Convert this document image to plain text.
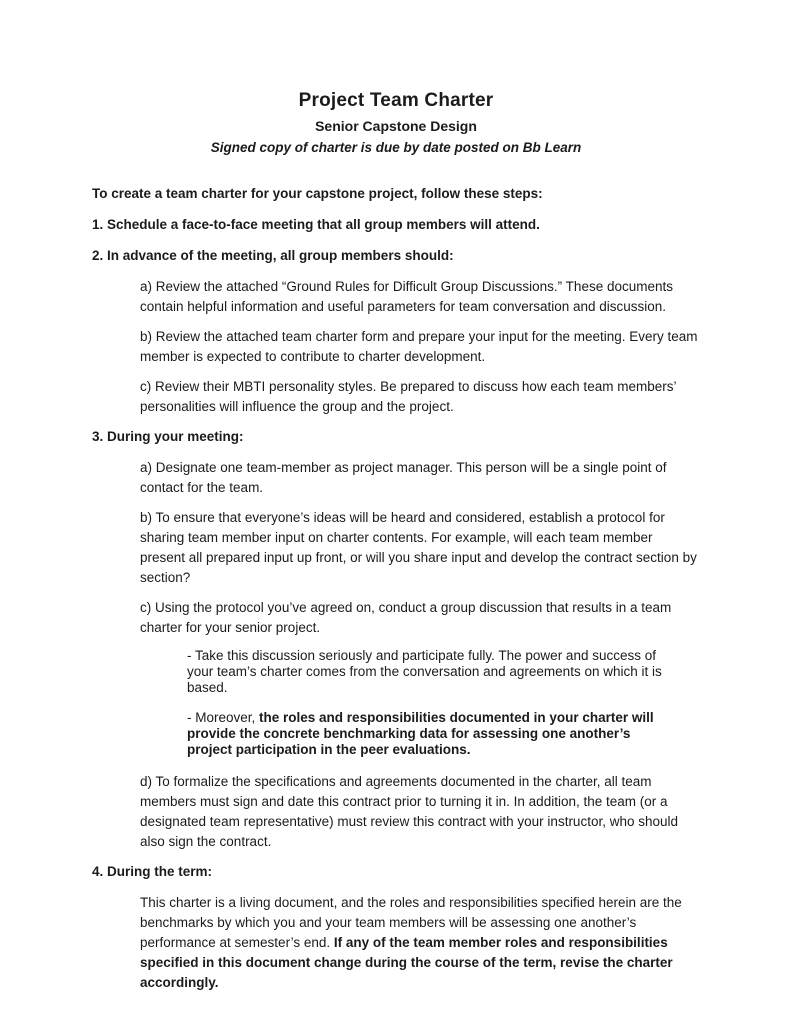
Project Team Charter
Senior Capstone Design

Signed copy of charter is due by date posted on Bb Learn

To create a team charter for your capstone project, follow these steps:

1. Schedule a face-to-face meeting that all group members will attend.

2. In advance of the meeting, all group members should:

a) Review the attached “Ground Rules for Difficult Group Discussions.” These documents contain helpful information and useful parameters for team conversation and discussion.

b) Review the attached team charter form and prepare your input for the meeting. Every team member is expected to contribute to charter development.

c) Review their MBTI personality styles. Be prepared to discuss how each team members’ personalities will influence the group and the project.

3. During your meeting:

a) Designate one team-member as project manager. This person will be a single point of contact for the team.

b) To ensure that everyone’s ideas will be heard and considered, establish a protocol for sharing team member input on charter contents. For example, will each team member present all prepared input up front, or will you share input and develop the contract section by section?

c) Using the protocol you’ve agreed on, conduct a group discussion that results in a team charter for your senior project.

- Take this discussion seriously and participate fully. The power and success of your team’s charter comes from the conversation and agreements on which it is based.

- Moreover, the roles and responsibilities documented in your charter will provide the concrete benchmarking data for assessing one another’s project participation in the peer evaluations.

d) To formalize the specifications and agreements documented in the charter, all team members must sign and date this contract prior to turning it in. In addition, the team (or a designated team representative) must review this contract with your instructor, who should also sign the contract.

4. During the term:

This charter is a living document, and the roles and responsibilities specified herein are the benchmarks by which you and your team members will be assessing one another’s performance at semester’s end. If any of the team member roles and responsibilities specified in this document change during the course of the term, revise the charter accordingly.
